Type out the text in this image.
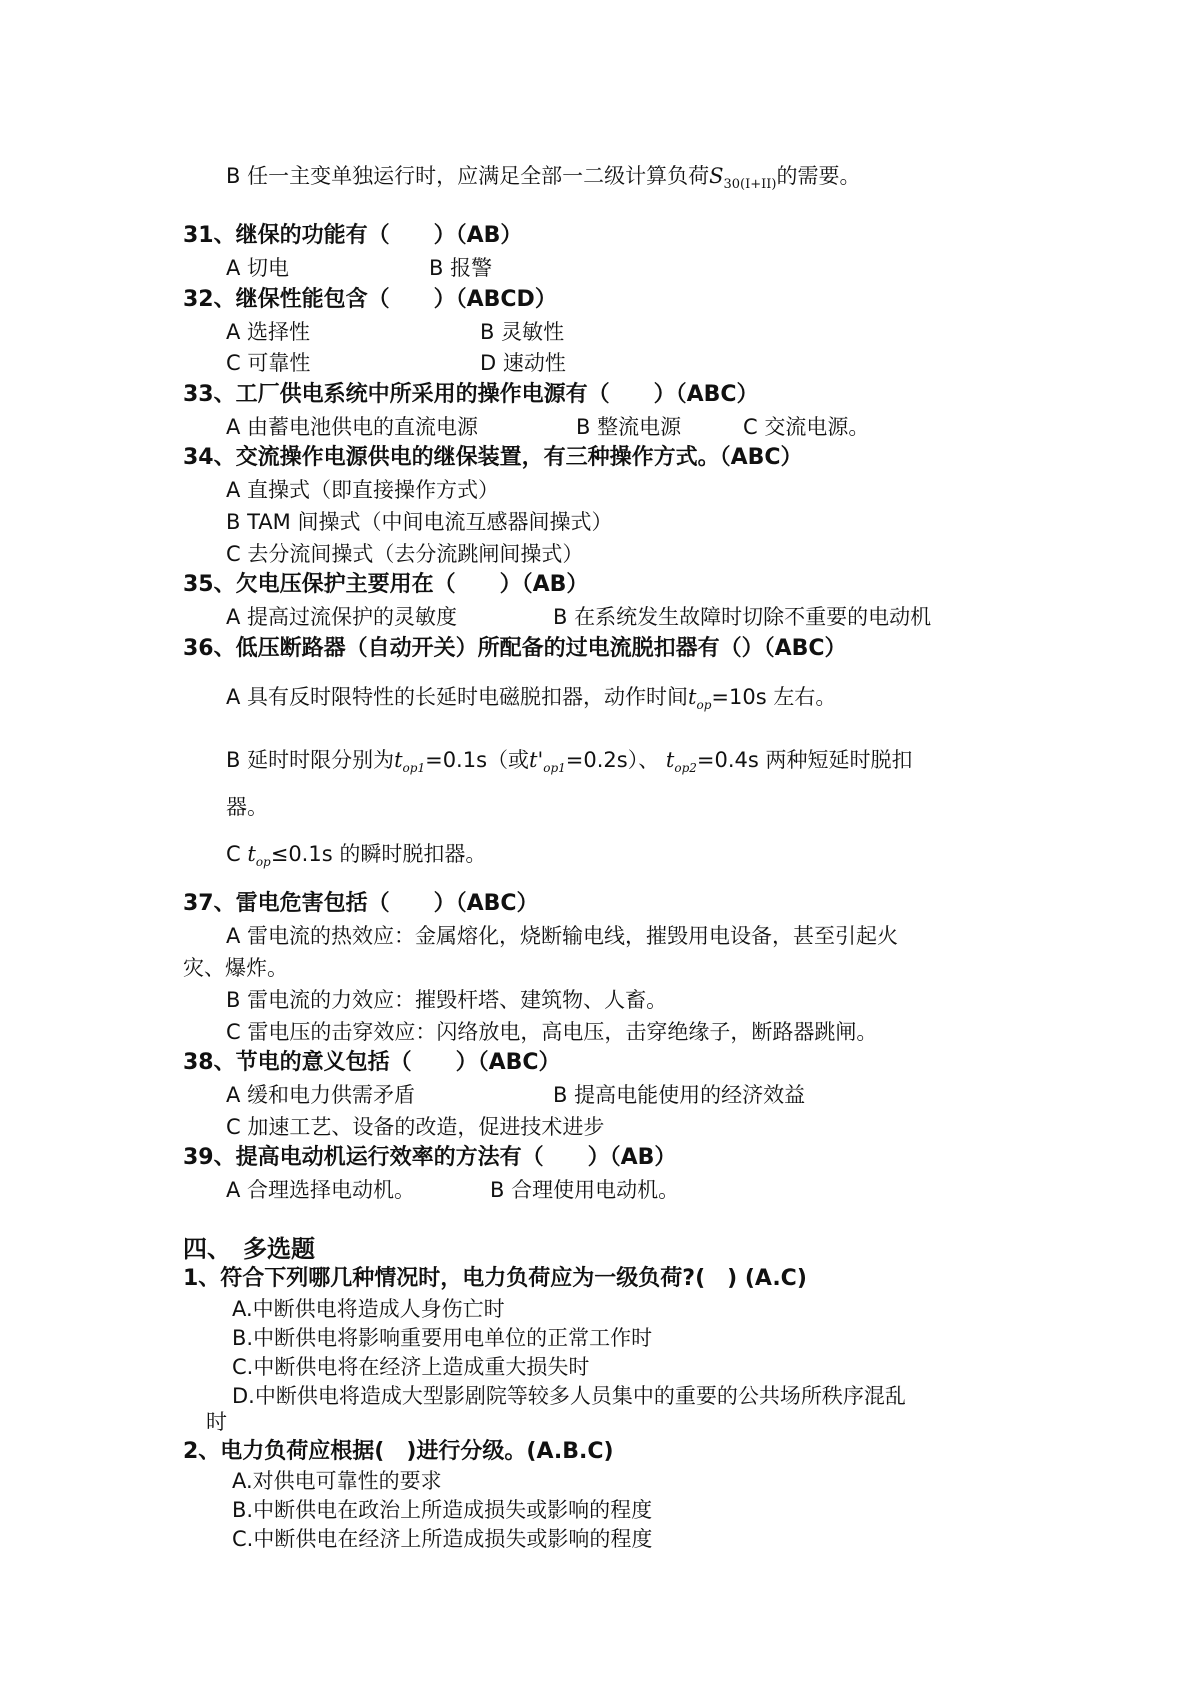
B 任一主变单独运行时，应满足全部一二级计算负荷$S_{30(I+II)}$的需要。
31、继保的功能有（　　）（AB）
A 切电	B 报警
32、继保性能包含（　　）（ABCD）
A 选择性	B 灵敏性
C 可靠性	D 速动性
33、工厂供电系统中所采用的操作电源有（　　）（ABC）
A 由蓄电池供电的直流电源	B 整流电源	C 交流电源。
34、交流操作电源供电的继保装置，有三种操作方式。（ABC）
A 直操式（即直接操作方式）
B TAM 间操式（中间电流互感器间操式）
C 去分流间操式（去分流跳闸间操式）
35、欠电压保护主要用在（　　）（AB）
A 提高过流保护的灵敏度	B 在系统发生故障时切除不重要的电动机
36、低压断路器（自动开关）所配备的过电流脱扣器有（）（ABC）
A 具有反时限特性的长延时电磁脱扣器，动作时间$t_{op}=10s$ 左右。
B 延时时限分别为$t_{op1}=0.1s$（或$t'_{op1}=0.2s$）、 $t_{op2}=0.4s$ 两种短延时脱扣
器。
C $t_{op}\le 0.1s$ 的瞬时脱扣器。
37、雷电危害包括（　　）（ABC）
A 雷电流的热效应：金属熔化，烧断输电线，摧毁用电设备，甚至引起火
灾、爆炸。
B 雷电流的力效应：摧毁杆塔、建筑物、人畜。
C 雷电压的击穿效应：闪络放电，高电压，击穿绝缘子，断路器跳闸。
38、节电的意义包括（　　）（ABC）
A 缓和电力供需矛盾	B 提高电能使用的经济效益
C 加速工艺、设备的改造，促进技术进步
39、提高电动机运行效率的方法有（　　）（AB）
A 合理选择电动机。	B 合理使用电动机。
四、　多选题
1、符合下列哪几种情况时，电力负荷应为一级负荷?(　) (A.C)
A.中断供电将造成人身伤亡时
B.中断供电将影响重要用电单位的正常工作时
C.中断供电将在经济上造成重大损失时
D.中断供电将造成大型影剧院等较多人员集中的重要的公共场所秩序混乱
时
2、电力负荷应根据(　)进行分级。(A.B.C)
A.对供电可靠性的要求
B.中断供电在政治上所造成损失或影响的程度
C.中断供电在经济上所造成损失或影响的程度
